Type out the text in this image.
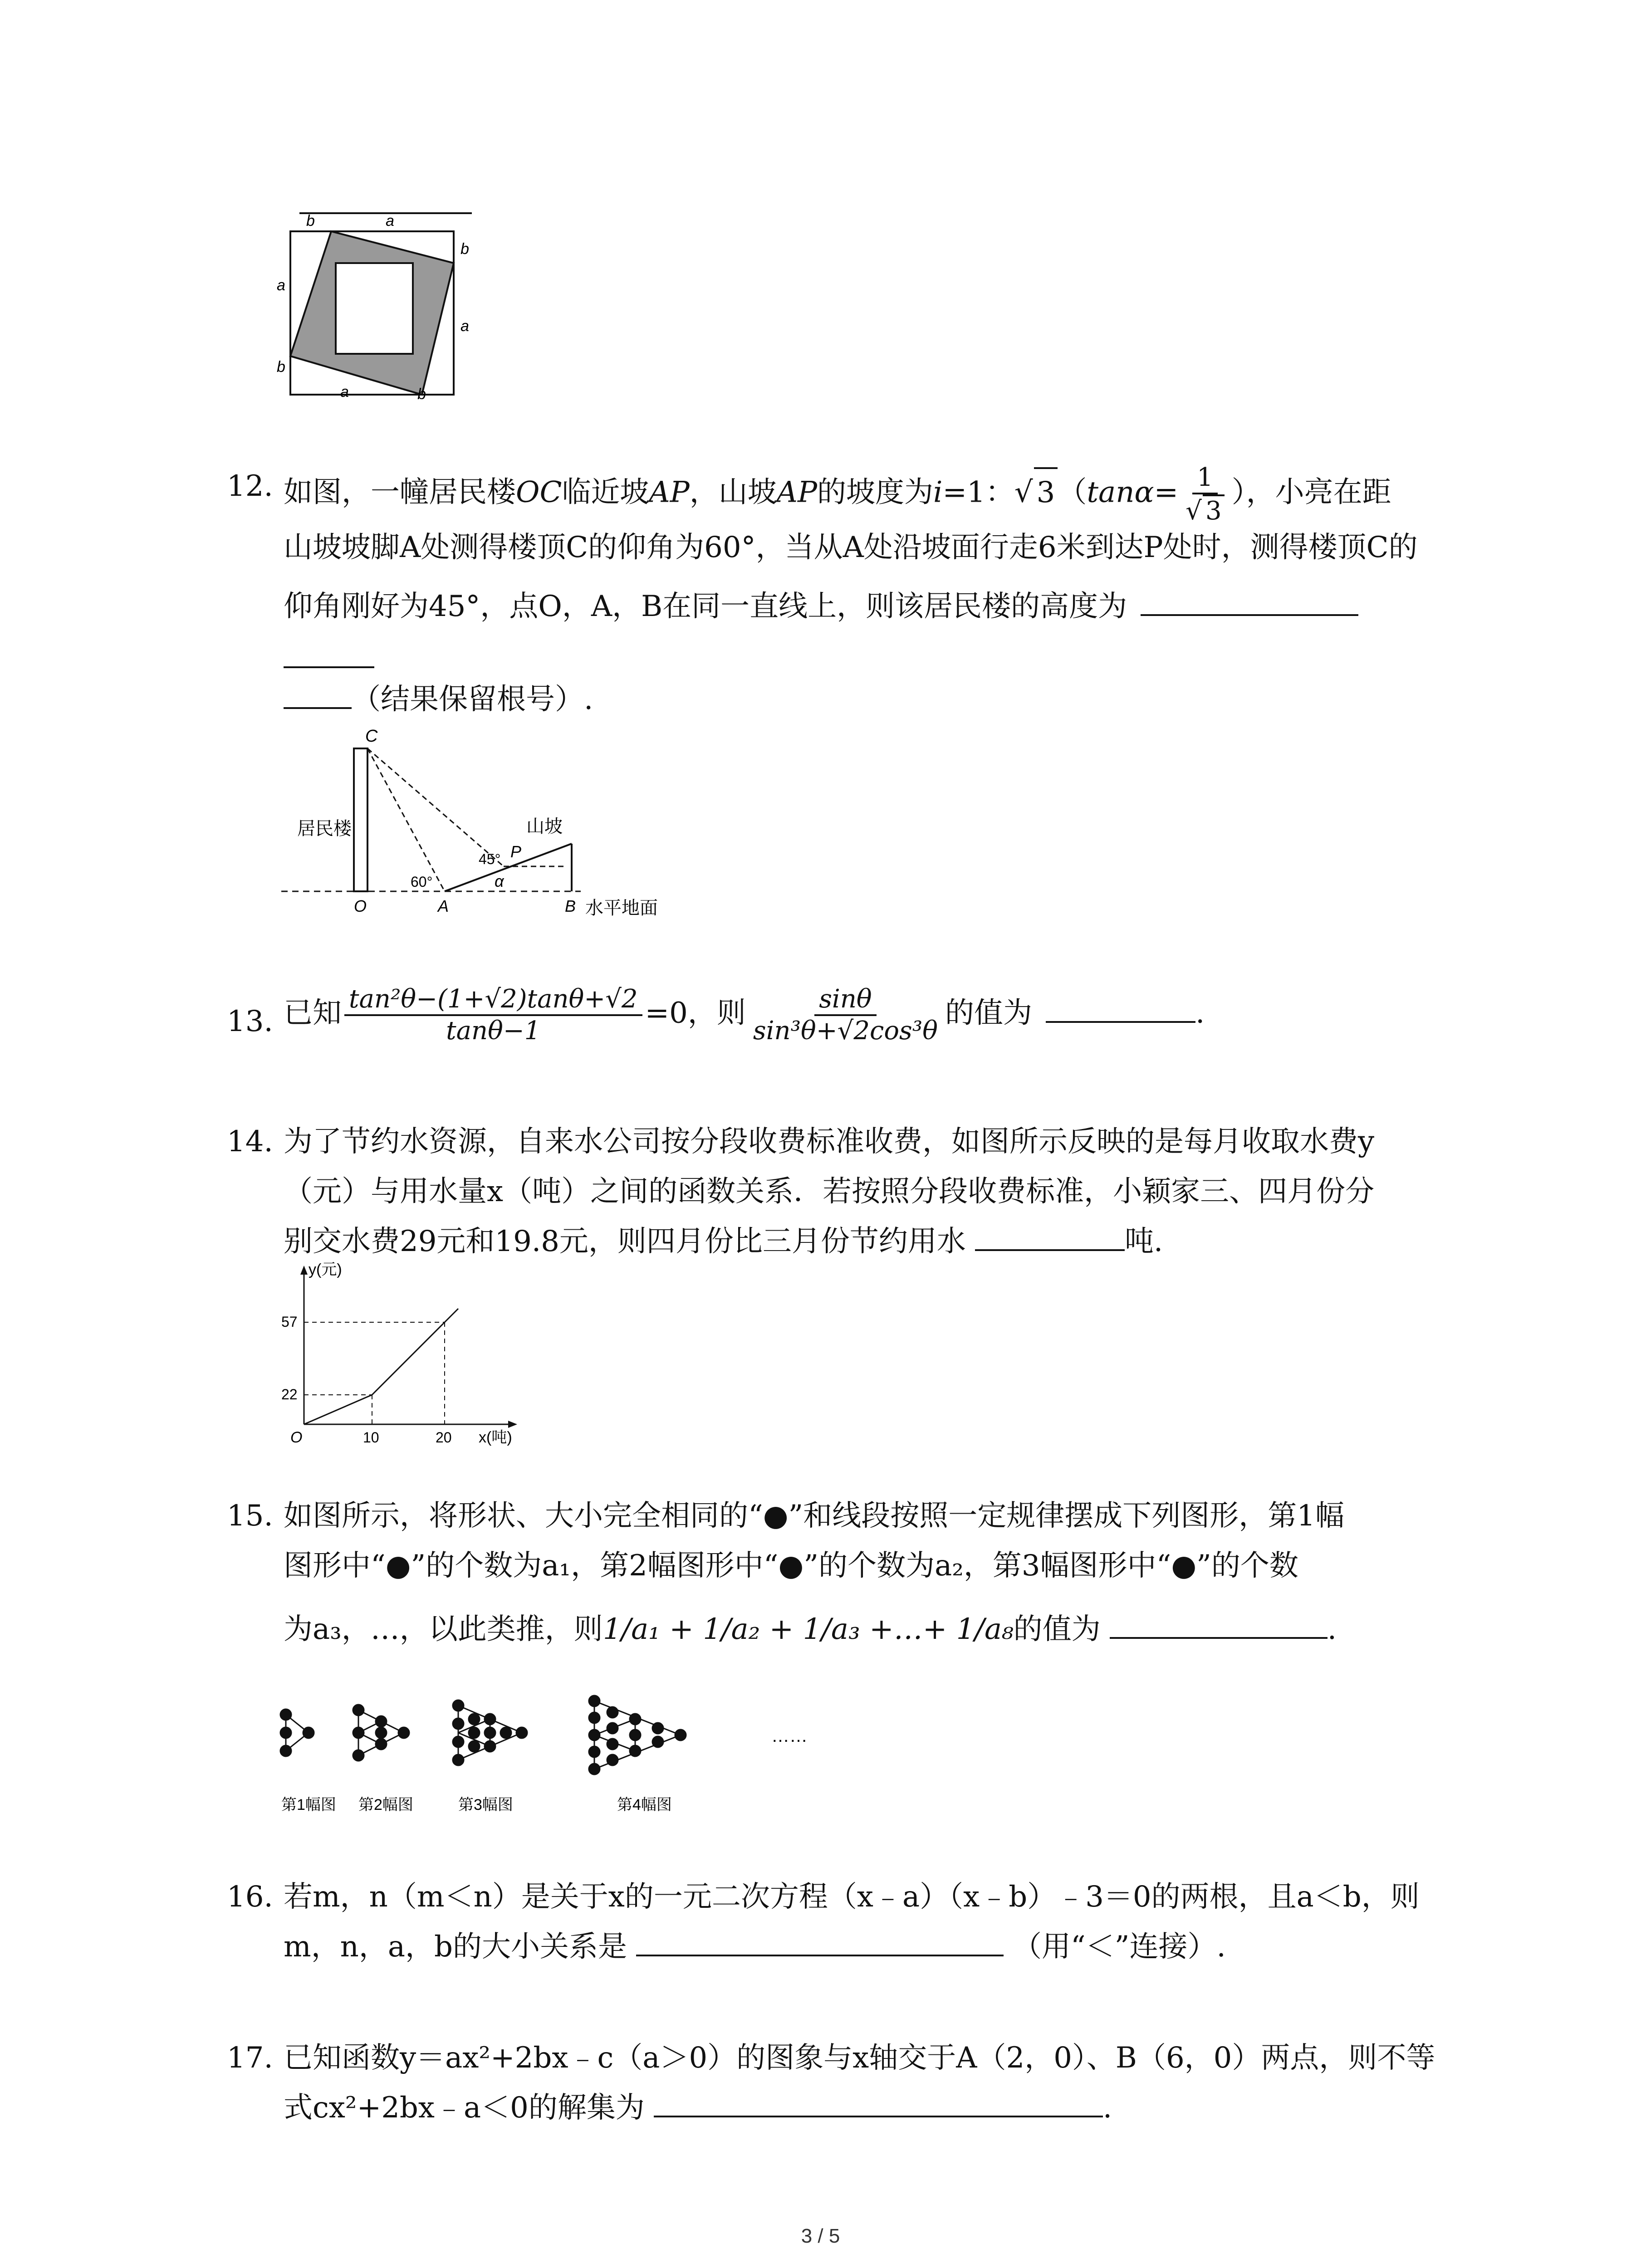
b	a
a
b
b
a
a	b
12. 如图，一幢居民楼OC临近坡AP，山坡AP的坡度为i=1：√ $3(\tan\alpha= \frac{1}{√ 3}$ ），小亮在距
山坡坡脚A处测得楼顶C的仰角为60°，当从A处沿坡面行走6米到达P处时，测得楼顶C的
仰角刚好为45°，点O，A，B在同一直线上，则该居民楼的高度为
（结果保留根号）.
C
居民楼	山坡
45° P
60°	α
O	A	B 水平地面
13. 已知 $\frac{\text{tan²θ−(1+√2)tanθ+√2}}{\tan\theta-1} =0$，则 $\frac{\sin\theta}{\text{sin³θ+√2cos³θ}}$ 的值为	.
14. 为了节约水资源，自来水公司按分段收费标准收费，如图所示反映的是每月收取水费y
（元）与用水量x（吨）之间的函数关系．若按照分段收费标准，小颖家三、四月份分
别交水费29元和19.8元，则四月份比三月份节约用水	吨.
y(元)
x(吨)
O
57
22
10	20
15. 如图所示，将形状、大小完全相同的“●”和线段按照一定规律摆成下列图形，第1幅
图形中“●”的个数为a₁，第2幅图形中“●”的个数为a₂，第3幅图形中“●”的个数
为a₃，…，以此类推，则1/a₁ + 1/a₂ + 1/a₃ +…+ 1/a₈的值为	.
……
第1幅图 第2幅图	第3幅图	第4幅图
16. 若m，n（m＜n）是关于x的一元二次方程（x﹣a）（x﹣b）﹣3＝0的两根，且a＜b，则
m，n，a，b的大小关系是	（用“＜”连接）.
17. 已知函数y＝ax²+2bx﹣c（a＞0）的图象与x轴交于A（2，0）、B（6，0）两点，则不等
式cx²+2bx﹣a＜0的解集为	.
3 / 5
